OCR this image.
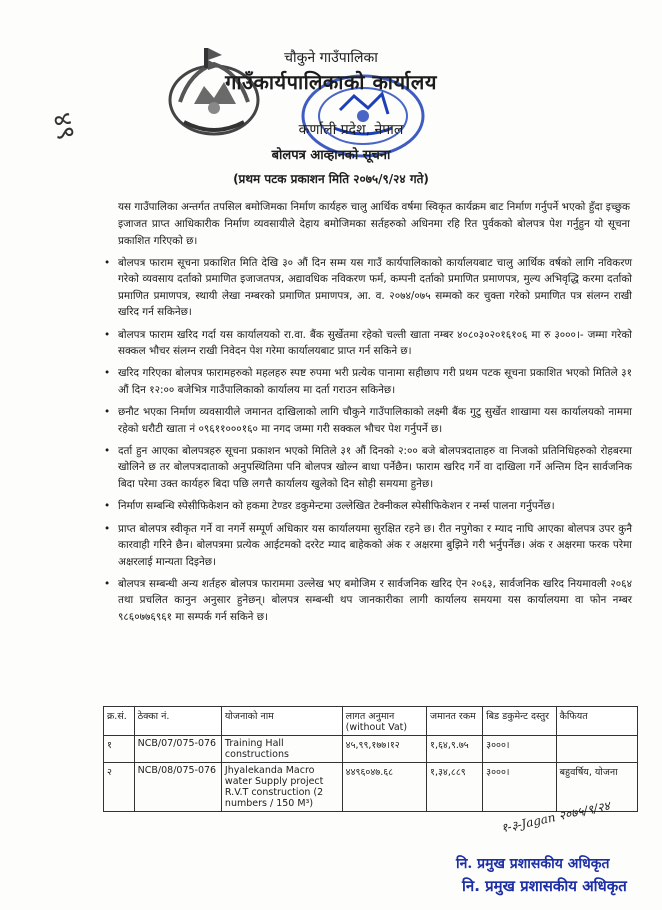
चौकुने गाउँपालिका
गाउँकार्यपालिकाको कार्यालय
कर्णाली प्रदेश, नेपाल
बोलपत्र आव्हानको सूचना
(प्रथम पटक प्रकाशन मिति २०७५/९/२४ गते)
४९
यस गाउँपालिका अन्तर्गत तपसिल बमोजिमका निर्माण कार्यहरु चालु आर्थिक वर्षमा स्विकृत कार्यक्रम बाट निर्माण गर्नुपर्ने भएको हुँदा इच्छुक इजाजत प्राप्त आधिकारीक निर्माण व्यवसायीले देहाय बमोजिमका सर्तहरुको अधिनमा रहि रित पुर्वकको बोलपत्र पेश गर्नुहुन यो सूचना प्रकाशित गरिएको छ।
• बोलपत्र फाराम सूचना प्रकाशित मिति देखि ३० औं दिन सम्म यस गाउँ कार्यपालिकाको कार्यालयबाट चालु आर्थिक वर्षको लागि नविकरण गरेको व्यवसाय दर्ताको प्रमाणित इजाजतपत्र, अद्यावधिक नविकरण फर्म, कम्पनी दर्ताको प्रमाणित प्रमाणपत्र, मुल्य अभिवृद्धि करमा दर्ताको प्रमाणित प्रमाणपत्र, स्थायी लेखा नम्बरको प्रमाणित प्रमाणपत्र, आ. व. २०७४/०७५ सम्मको कर चुक्ता गरेको प्रमाणित पत्र संलग्न राखी खरिद गर्न सकिनेछ।
• बोलपत्र फाराम खरिद गर्दा यस कार्यालयको रा.वा. बैंक सुर्खेतमा रहेको चल्ती खाता नम्बर ४०८०३०२०१६१०६ मा रु ३०००।- जम्मा गरेको सक्कल भौचर संलग्न राखी निवेदन पेश गरेमा कार्यालयबाट प्राप्त गर्न सकिने छ।
• खरिद गरिएका बोलपत्र फारामहरुको महलहरु स्पष्ट रुपमा भरी प्रत्येक पानामा सहीछाप गरी प्रथम पटक सूचना प्रकाशित भएको मितिले ३१ औं दिन १२:०० बजेभित्र गाउँपालिकाको कार्यालय मा दर्ता गराउन सकिनेछ।
• छनौट भएका निर्माण व्यवसायीले जमानत दाखिलाको लागि चौकुने गाउँपालिकाको लक्ष्मी बैंक गुटु सुर्खेत शाखामा यस कार्यालयको नाममा रहेको धरौटी खाता नं ०९६११०००१६० मा नगद जम्मा गरी सक्कल भौचर पेश गर्नुपर्ने छ।
• दर्ता हुन आएका बोलपत्रहरु सूचना प्रकाशन भएको मितिले ३१ औं दिनको २:०० बजे बोलपत्रदाताहरु वा निजको प्रतिनिधिहरुको रोहबरमा खोलिने छ तर बोलपत्रदाताको अनुपस्थितिमा पनि बोलपत्र खोल्न बाधा पर्नेछैन। फाराम खरिद गर्ने वा दाखिला गर्ने अन्तिम दिन सार्वजनिक बिदा परेमा उक्त कार्यहरु बिदा पछि लगत्तै कार्यालय खुलेको दिन सोही समयमा हुनेछ।
• निर्माण सम्बन्धि स्पेसीफिकेशन को हकमा टेण्डर डकुमेन्टमा उल्लेखित टेक्नीकल स्पेसीफिकेशन र नर्म्स पालना गर्नुपर्नेछ।
• प्राप्त बोलपत्र स्वीकृत गर्ने वा नगर्ने सम्पूर्ण अधिकार यस कार्यालयमा सुरक्षित रहने छ। रीत नपुगेका र म्याद नाघि आएका बोलपत्र उपर कुनै कारवाही गरिने छैन। बोलपत्रमा प्रत्येक आईटमको दररेट म्याद बाहेकको अंक र अक्षरमा बुझिने गरी भर्नुपर्नेछ। अंक र अक्षरमा फरक परेमा अक्षरलाई मान्यता दिइनेछ।
• बोलपत्र सम्बन्धी अन्य शर्तहरु बोलपत्र फाराममा उल्लेख भए बमोजिम र सार्वजनिक खरिद ऐन २०६३, सार्वजनिक खरिद नियमावली २०६४ तथा प्रचलित कानुन अनुसार हुनेछन्। बोलपत्र सम्बन्धी थप जानकारीका लागी कार्यालय समयमा यस कार्यालयमा वा फोन नम्बर ९८६०७७६९६१ मा सम्पर्क गर्न सकिने छ।
क्र.सं.	ठेक्का नं.	योजनाको नाम	लागत अनुमान (without Vat)	जमानत रकम	बिड डकुमेन्ट दस्तुर	कैफियत
१	NCB/07/075-076	Training Hall constructions	४५,९९,१७७।१२	१,६४,९.७५	३०००।	
२	NCB/08/075-076	Jhyalekanda Macro water Supply project R.V.T construction (2 numbers / 150 M³)	४४९६०४७.६८	१,३४,८८९	३०००।	बहुवर्षिय, योजना
१-३-Jagan २०७५/९/२४
नि. प्रमुख प्रशासकीय अधिकृत
नि. प्रमुख प्रशासकीय अधिकृत
